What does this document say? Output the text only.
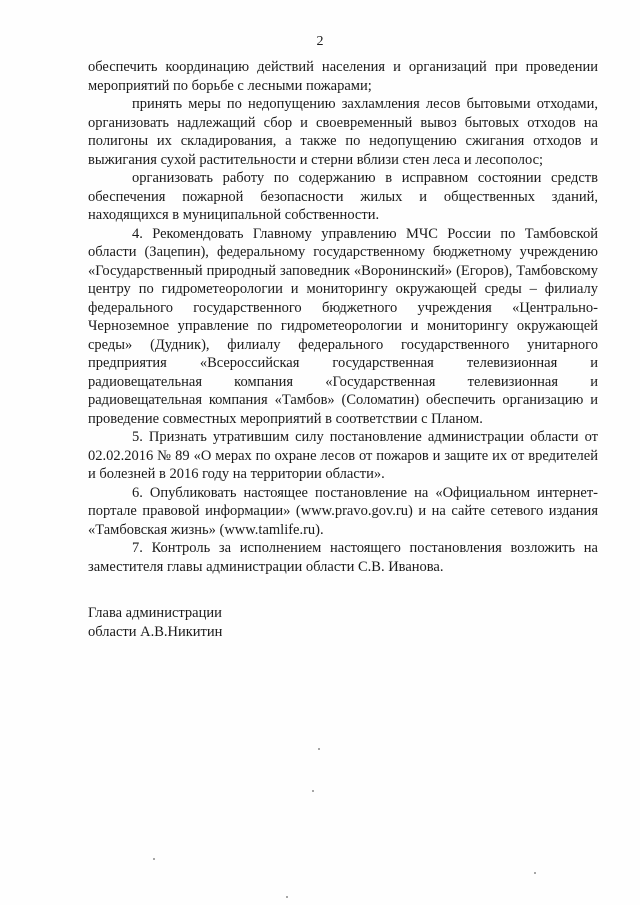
2

обеспечить координацию действий населения и организаций при проведении мероприятий по борьбе с лесными пожарами;

принять меры по недопущению захламления лесов бытовыми отходами, организовать надлежащий сбор и своевременный вывоз бытовых отходов на полигоны их складирования, а также по недопущению сжигания отходов и выжигания сухой растительности и стерни вблизи стен леса и лесополос;

организовать работу по содержанию в исправном состоянии средств обеспечения пожарной безопасности жилых и общественных зданий, находящихся в муниципальной собственности.

4. Рекомендовать Главному управлению МЧС России по Тамбовской области (Зацепин), федеральному государственному бюджетному учреждению «Государственный природный заповедник «Воронинский» (Егоров), Тамбовскому центру по гидрометеорологии и мониторингу окружающей среды – филиалу федерального государственного бюджетного учреждения «Центрально- Черноземное управление по гидрометеорологии и мониторингу окружающей среды» (Дудник), филиалу федерального государственного унитарного предприятия «Всероссийская государственная телевизионная и радиовещательная компания «Государственная телевизионная и радиовещательная компания «Тамбов» (Соломатин) обеспечить организацию и проведение совместных мероприятий в соответствии с Планом.

5. Признать утратившим силу постановление администрации области от 02.02.2016 № 89 «О мерах по охране лесов от пожаров и защите их от вредителей и болезней в 2016 году на территории области».

6. Опубликовать настоящее постановление на «Официальном интернет-портале правовой информации» (www.pravo.gov.ru) и на сайте сетевого издания «Тамбовская жизнь» (www.tamlife.ru).

7. Контроль за исполнением настоящего постановления возложить на заместителя главы администрации области С.В. Иванова.

Глава администрации
области А.В.Никитин
